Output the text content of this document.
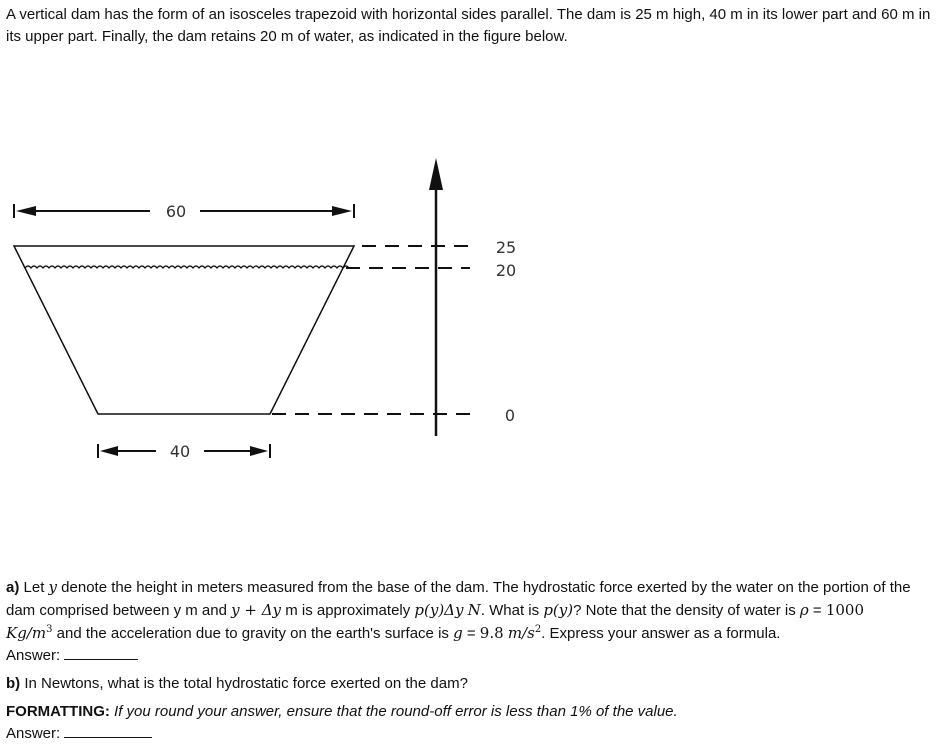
A vertical dam has the form of an isosceles trapezoid with horizontal sides parallel. The dam is 25 m high, 40 m in its lower part and 60 m in its upper part. Finally, the dam retains 20 m of water, as indicated in the figure below.

60
25
20
0
40

a) Let y denote the height in meters measured from the base of the dam. The hydrostatic force exerted by the water on the portion of the dam comprised between y m and y + Δy m is approximately p(y)Δy N. What is p(y)? Note that the density of water is ρ = 1000
$Kg/m^3$ and the acceleration due to gravity on the earth's surface is g = 9.8 $m/s^2$. Express your answer as a formula.

Answer:

b) In Newtons, what is the total hydrostatic force exerted on the dam?

FORMATTING: If you round your answer, ensure that the round-off error is less than 1% of the value.

Answer:
